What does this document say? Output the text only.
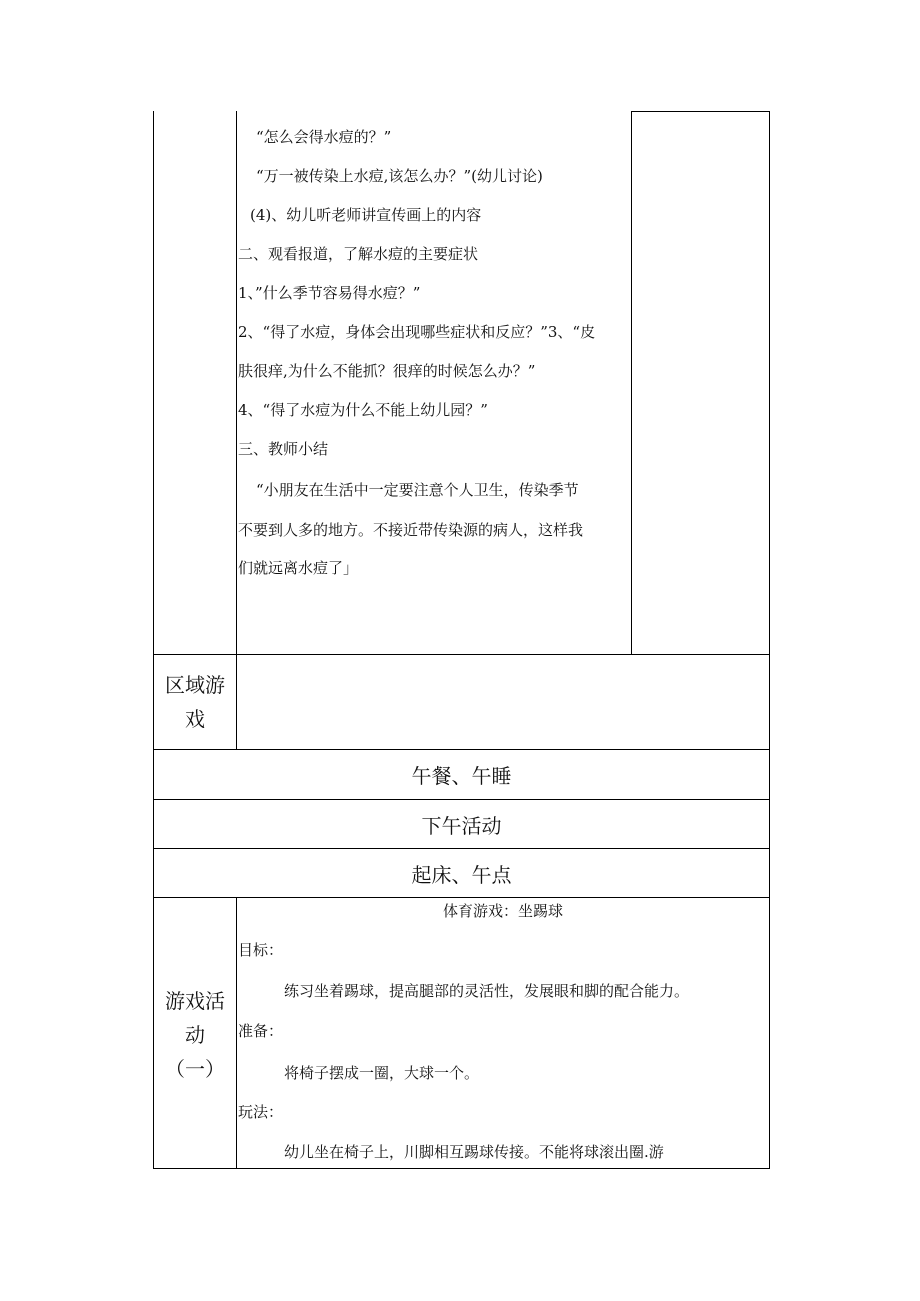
“怎么会得水痘的？”
“万一被传染上水痘,该怎么办？”(幼儿讨论)
(4)、幼儿听老师讲宣传画上的内容
二、观看报道，了解水痘的主要症状
1、”什么季节容易得水痘？”
2、“得了水痘，身体会出现哪些症状和反应？”3、“皮
肤很痒,为什么不能抓？很痒的时候怎么办？”
4、“得了水痘为什么不能上幼儿园？”
三、教师小结
“小朋友在生活中一定要注意个人卫生，传染季节
不要到人多的地方。不接近带传染源的病人，这样我
们就远离水痘了」
区域游
戏
午餐、午睡
下午活动
起床、午点
游戏活
动
（一）
体育游戏：坐踢球
目标：
练习坐着踢球，提高腿部的灵活性，发展眼和脚的配合能力。
准备：
将椅子摆成一圈，大球一个。
玩法：
幼儿坐在椅子上，川脚相互踢球传接。不能将球滚出圈.游
